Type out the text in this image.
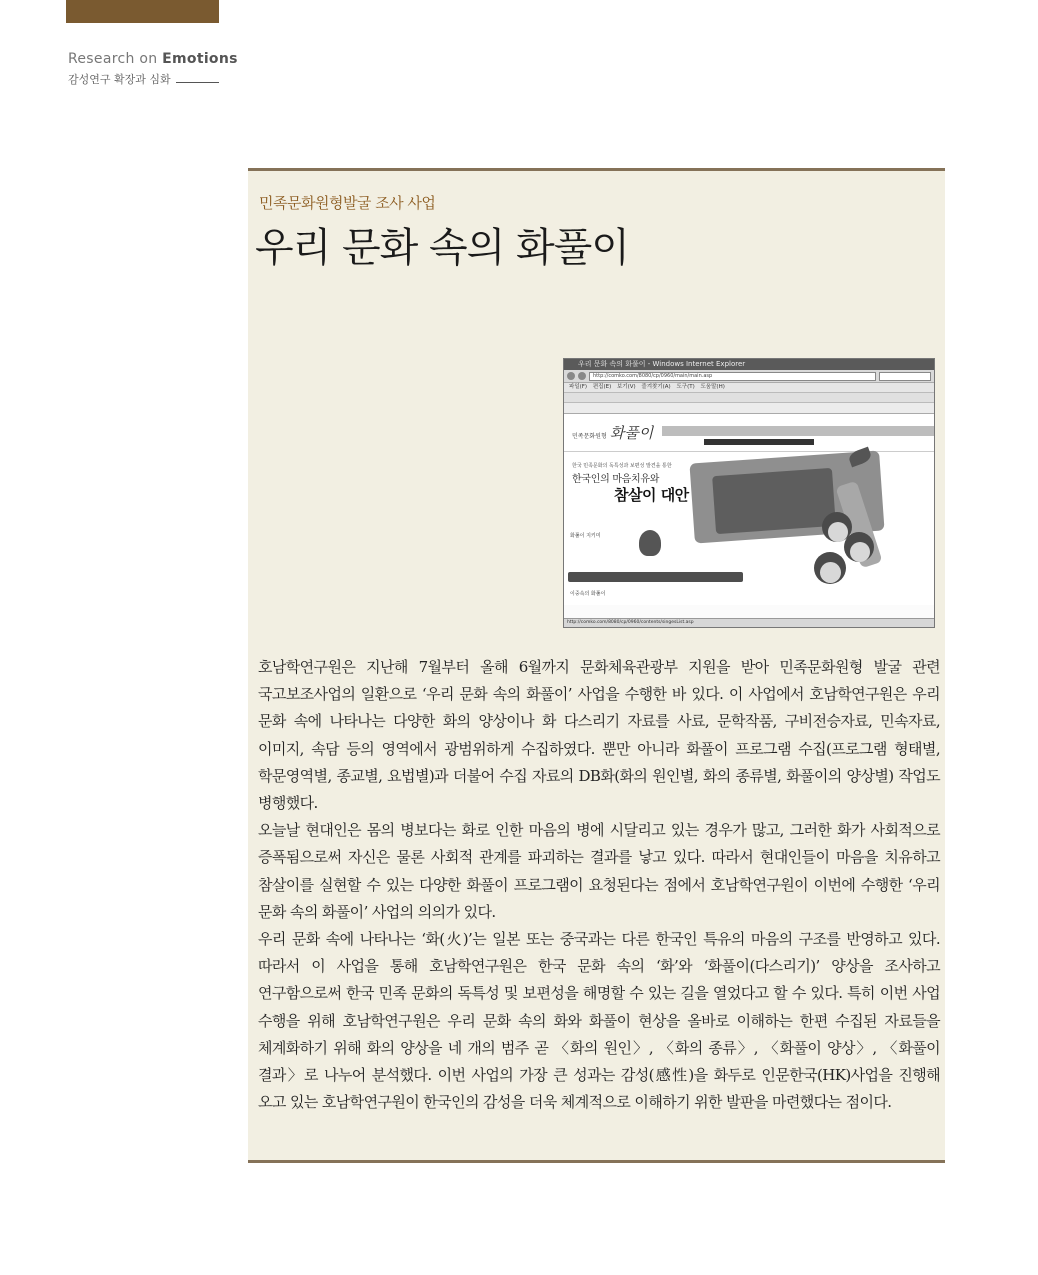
Research on Emotions
감성연구 확장과 심화
민족문화원형발굴 조사 사업
우리 문화 속의 화풀이
우리 문화 속의 화풀이 - Windows Internet Explorer
http://comko.com/8080/cp/0960/main/main.asp
파일(F) 편집(E) 보기(V) 즐겨찾기(A) 도구(T) 도움말(H)
민족문화원형 화풀이
한국 민족문화의 독특성과 보편성 발견을 통한
한국인의 마음치유와
참살이 대안
화풀이 지키미
이중속의 화풀이
http://comko.com/8080/cp/0960/contents/singesList.asp

호남학연구원은 지난해 7월부터 올해 6월까지 문화체육관광부 지원을 받아 민족문화원형 발굴 관련 국고보조사업의 일환으로 ‘우리 문화 속의 화풀이’ 사업을 수행한 바 있다. 이 사업에서 호남학연구원은 우리 문화 속에 나타나는 다양한 화의 양상이나 화 다스리기 자료를 사료, 문학작품, 구비전승자료, 민속자료, 이미지, 속담 등의 영역에서 광범위하게 수집하였다. 뿐만 아니라 화풀이 프로그램 수집(프로그램 형태별, 학문영역별, 종교별, 요법별)과 더불어 수집 자료의 DB화(화의 원인별, 화의 종류별, 화풀이의 양상별) 작업도 병행했다.

오늘날 현대인은 몸의 병보다는 화로 인한 마음의 병에 시달리고 있는 경우가 많고, 그러한 화가 사회적으로 증폭됨으로써 자신은 물론 사회적 관계를 파괴하는 결과를 낳고 있다. 따라서 현대인들이 마음을 치유하고 참살이를 실현할 수 있는 다양한 화풀이 프로그램이 요청된다는 점에서 호남학연구원이 이번에 수행한 ‘우리 문화 속의 화풀이’ 사업의 의의가 있다.

우리 문화 속에 나타나는 ‘화(火)’는 일본 또는 중국과는 다른 한국인 특유의 마음의 구조를 반영하고 있다. 따라서 이 사업을 통해 호남학연구원은 한국 문화 속의 ‘화’와 ‘화풀이(다스리기)’ 양상을 조사하고 연구함으로써 한국 민족 문화의 독특성 및 보편성을 해명할 수 있는 길을 열었다고 할 수 있다. 특히 이번 사업 수행을 위해 호남학연구원은 우리 문화 속의 화와 화풀이 현상을 올바로 이해하는 한편 수집된 자료들을 체계화하기 위해 화의 양상을 네 개의 범주 곧 〈화의 원인〉, 〈화의 종류〉, 〈화풀이 양상〉, 〈화풀이 결과〉로 나누어 분석했다. 이번 사업의 가장 큰 성과는 감성(感性)을 화두로 인문한국(HK)사업을 진행해 오고 있는 호남학연구원이 한국인의 감성을 더욱 체계적으로 이해하기 위한 발판을 마련했다는 점이다.
